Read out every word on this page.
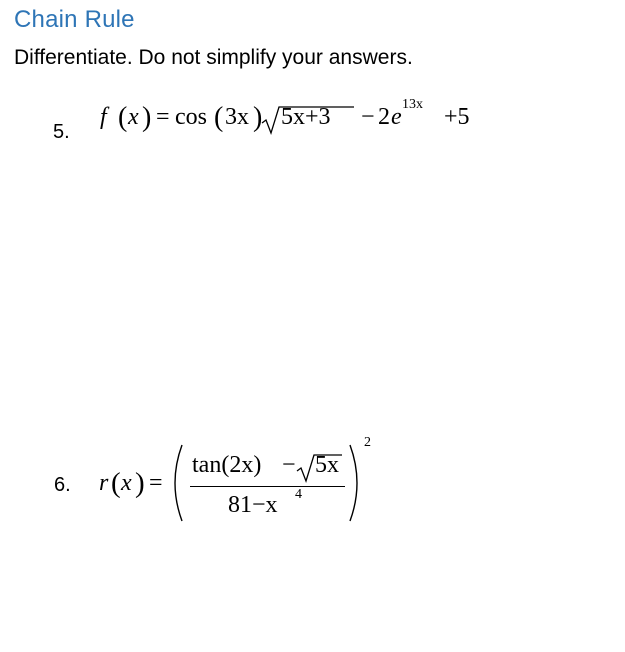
Chain Rule
Differentiate. Do not simplify your answers.
5.
f ( x ) = cos ( 3x ) 5x+3 − 2 e 13x +5
6. r ( x ) =
tan(2x) − 5x
81−x 4
2
